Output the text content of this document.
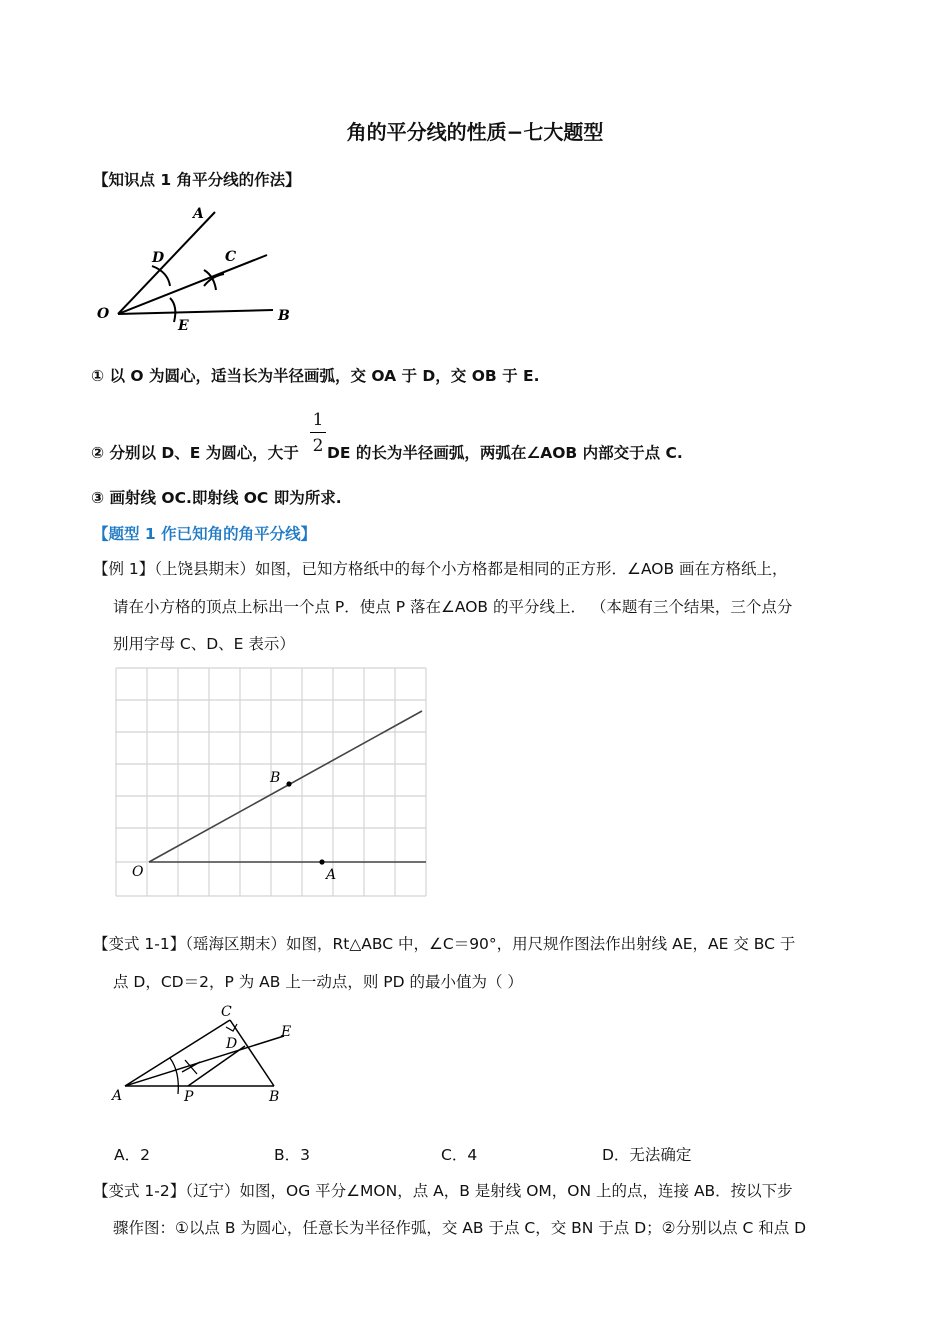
角的平分线的性质−七大题型
【知识点 1 角平分线的作法】
A
C
D
O	B
E
① 以 O 为圆心，适当长为半径画弧，交 OA 于 D，交 OB 于 E.
② 分别以 D、E 为圆心，大于
1
2 DE 的长为半径画弧，两弧在∠AOB 内部交于点 C.
③ 画射线 OC.即射线 OC 即为所求.
【题型 1 作已知角的角平分线】
【例 1】（上饶县期末）如图，已知方格纸中的每个小方格都是相同的正方形．∠AOB 画在方格纸上，
请在小方格的顶点上标出一个点 P．使点 P 落在∠AOB 的平分线上． （本题有三个结果，三个点分
别用字母 C、D、E 表示）
B
O	A
【变式 1-1】（瑶海区期末）如图，Rt△ABC 中，∠C＝90°，用尺规作图法作出射线 AE，AE 交 BC 于
点 D，CD＝2，P 为 AB 上一动点，则 PD 的最小值为（ ）
C
D
E
A	P	B
A．2	B．3	C．4	D．无法确定
【变式 1-2】（辽宁）如图，OG 平分∠MON，点 A，B 是射线 OM，ON 上的点，连接 AB．按以下步
骤作图：①以点 B 为圆心，任意长为半径作弧，交 AB 于点 C，交 BN 于点 D；②分别以点 C 和点 D
